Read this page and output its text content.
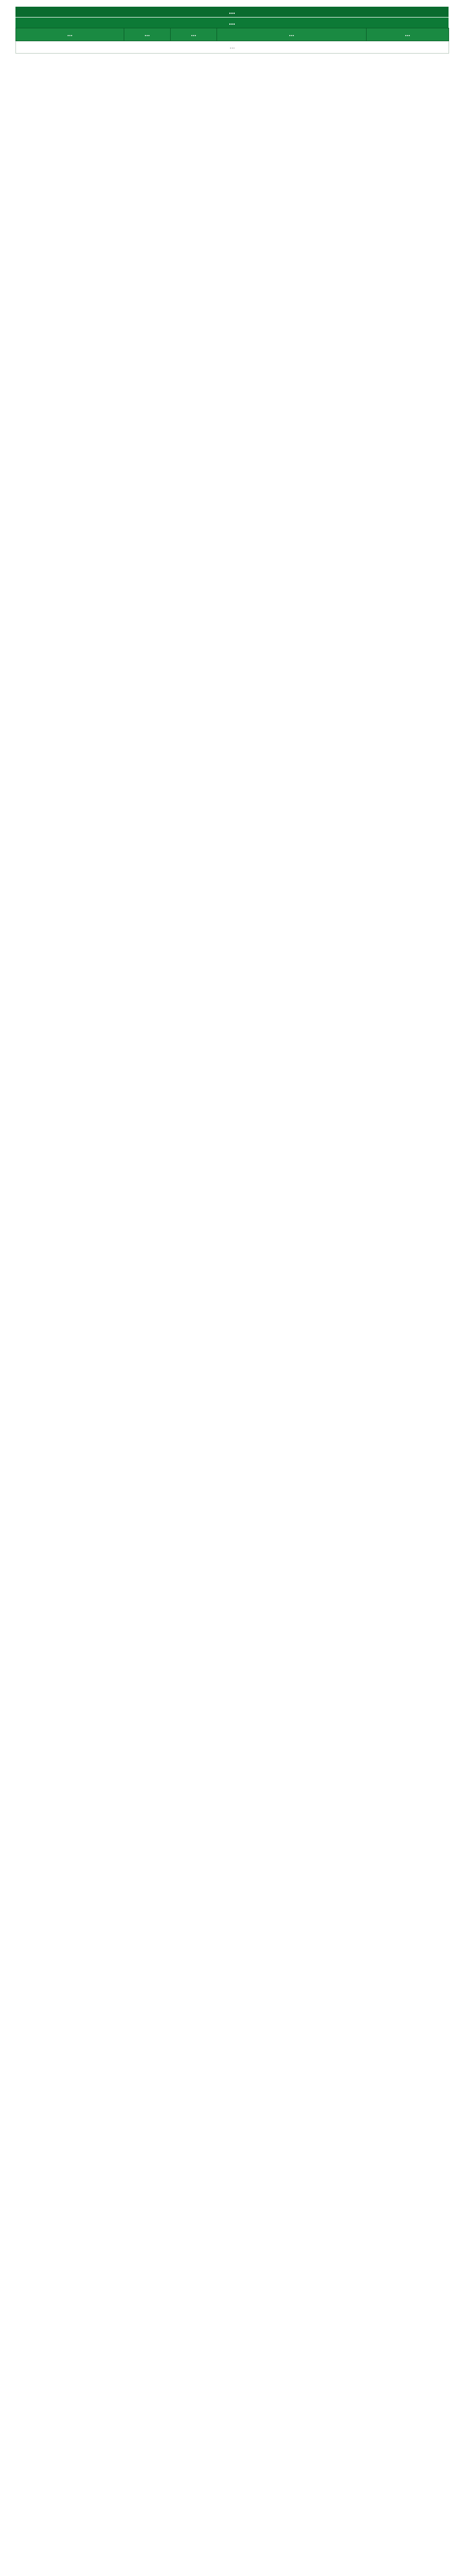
…
…
…	…	…	…	…
…
